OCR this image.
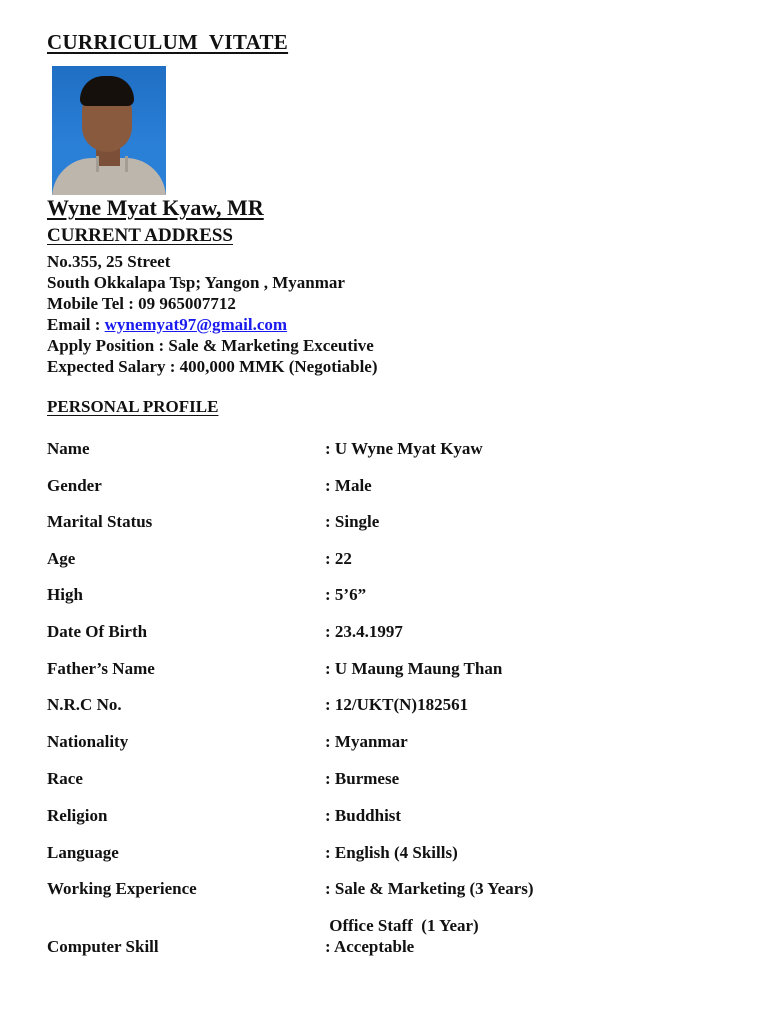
CURRICULUM  VITATE
Wyne Myat Kyaw, MR
CURRENT ADDRESS
No.355, 25 Street
South Okkalapa Tsp; Yangon , Myanmar
Mobile Tel : 09 965007712
Email : wynemyat97@gmail.com
Apply Position : Sale & Marketing Exceutive
Expected Salary : 400,000 MMK (Negotiable)
PERSONAL PROFILE
Name	: U Wyne Myat Kyaw
Gender	: Male
Marital Status	: Single
Age	: 22
High	: 5’6”
Date Of Birth	: 23.4.1997
Father’s Name	: U Maung Maung Than
N.R.C No.	: 12/UKT(N)182561
Nationality	: Myanmar
Race	: Burmese
Religion	: Buddhist
Language	: English (4 Skills)
Working Experience	: Sale & Marketing (3 Years)
Office Staff  (1 Year)
Computer Skill	: Acceptable
